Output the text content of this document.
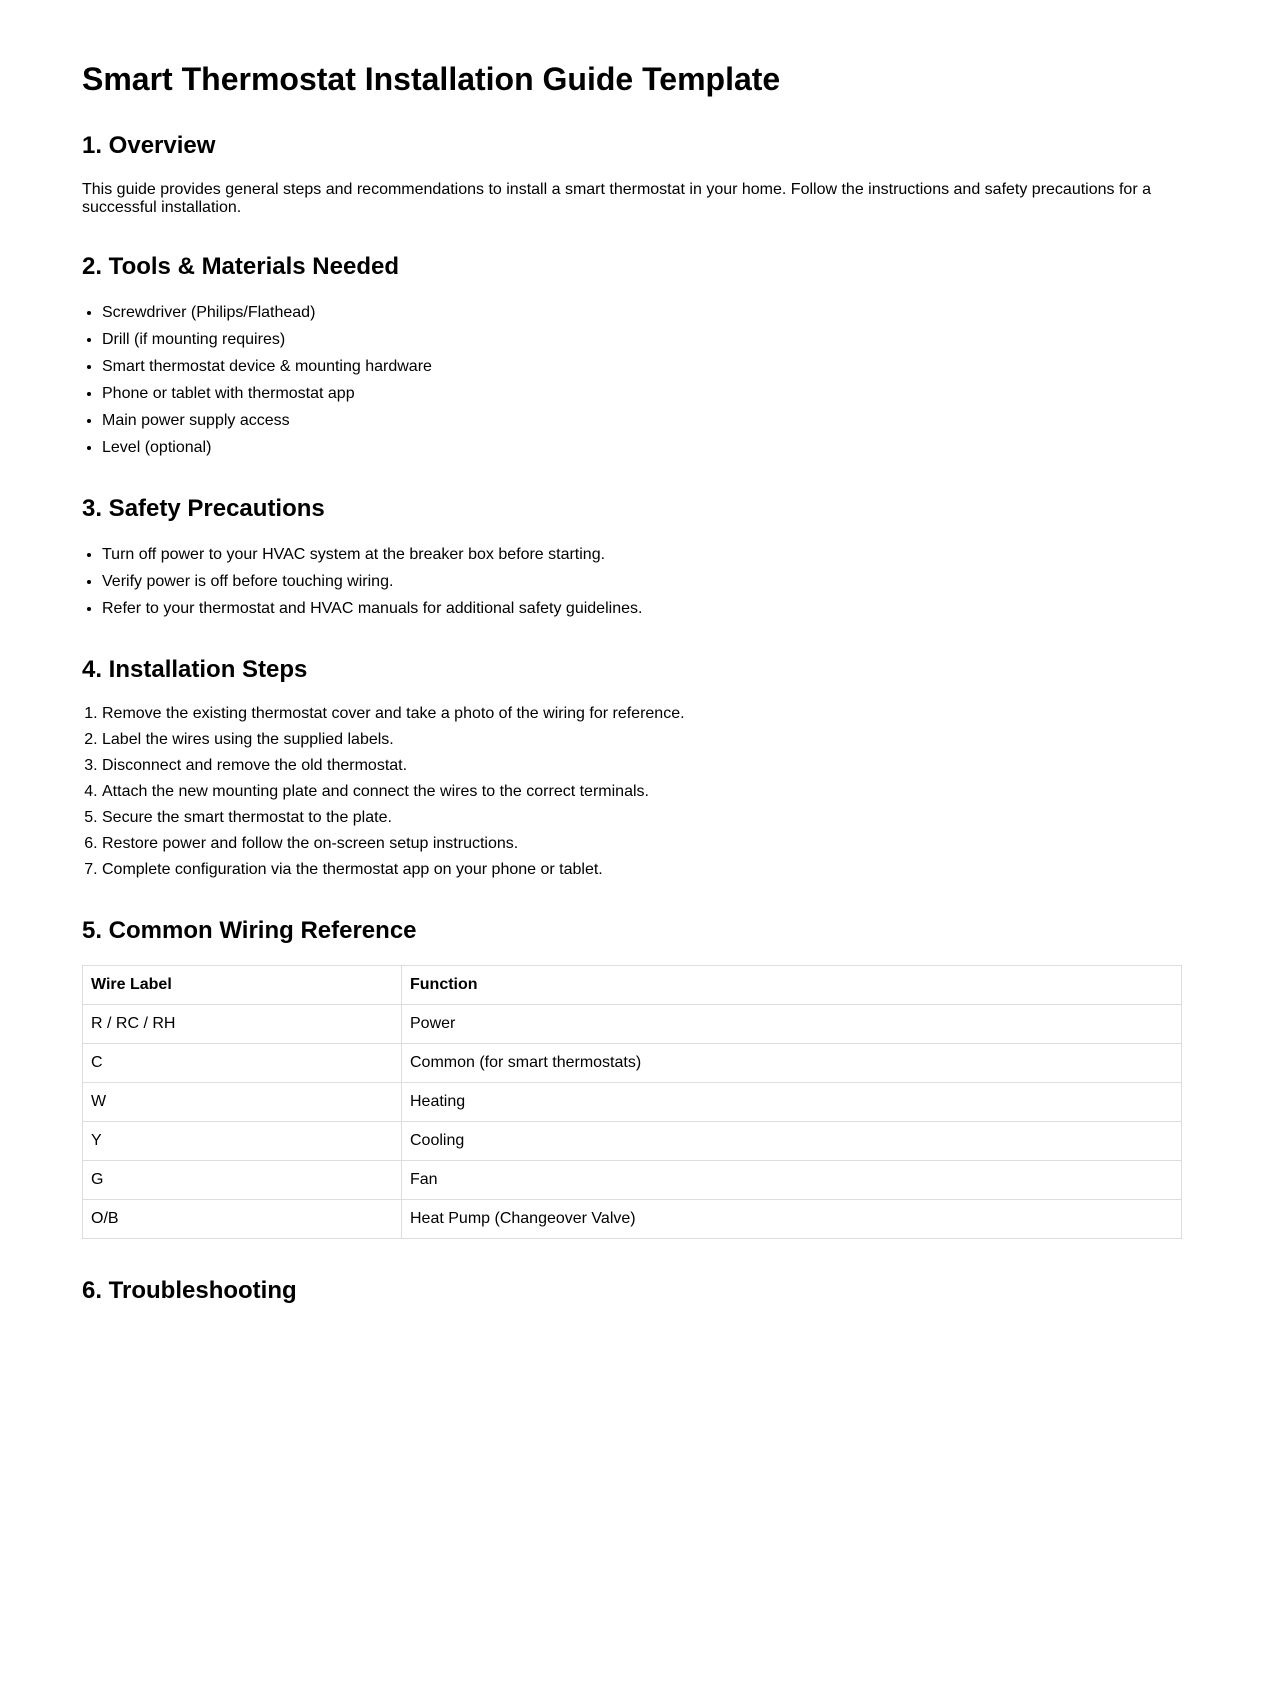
Smart Thermostat Installation Guide Template
1. Overview

This guide provides general steps and recommendations to install a smart thermostat in your home. Follow the instructions and safety precautions for a successful installation.

2. Tools & Materials Needed
• Screwdriver (Philips/Flathead)
• Drill (if mounting requires)
• Smart thermostat device & mounting hardware
• Phone or tablet with thermostat app
• Main power supply access
• Level (optional)
3. Safety Precautions
• Turn off power to your HVAC system at the breaker box before starting.
• Verify power is off before touching wiring.
• Refer to your thermostat and HVAC manuals for additional safety guidelines.
4. Installation Steps
1. Remove the existing thermostat cover and take a photo of the wiring for reference.
2. Label the wires using the supplied labels.
3. Disconnect and remove the old thermostat.
4. Attach the new mounting plate and connect the wires to the correct terminals.
5. Secure the smart thermostat to the plate.
6. Restore power and follow the on-screen setup instructions.
7. Complete configuration via the thermostat app on your phone or tablet.
5. Common Wiring Reference
Wire Label	Function
R / RC / RH	Power
C	Common (for smart thermostats)
W	Heating
Y	Cooling
G	Fan
O/B	Heat Pump (Changeover Valve)
6. Troubleshooting
